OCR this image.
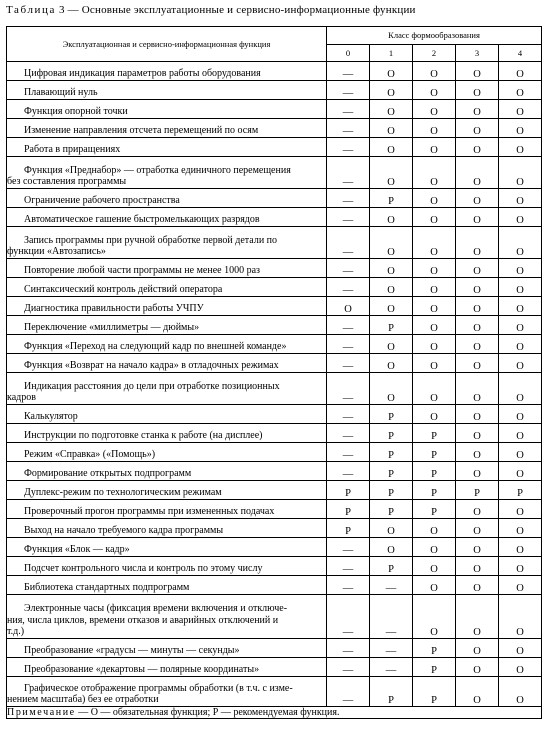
Таблица 3 — Основные эксплуатационные и сервисно-информационные функции
Эксплуатационная и сервисно-информационная функция	Класс формообразования				
	0	1	2	3	4
Цифровая индикация параметров работы оборудования	—	О	О	О	О
Плавающий нуль	—	О	О	О	О
Функция опорной точки	—	О	О	О	О
Изменение направления отсчета перемещений по осям	—	О	О	О	О
Работа в приращениях	—	О	О	О	О
Функция «Преднабор» — отработка единичного перемещения
без составления программы	—	О	О	О	О
Ограничение рабочего пространства	—	Р	О	О	О
Автоматическое гашение быстромелькающих разрядов	—	О	О	О	О
Запись программы при ручной обработке первой детали по
функции «Автозапись»	—	О	О	О	О
Повторение любой части программы не менее 1000 раз	—	О	О	О	О
Синтаксический контроль действий оператора	—	О	О	О	О
Диагностика правильности работы УЧПУ	О	О	О	О	О
Переключение «миллиметры — дюймы»	—	Р	О	О	О
Функция «Переход на следующий кадр по внешней команде»	—	О	О	О	О
Функция «Возврат на начало кадра» в отладочных режимах	—	О	О	О	О
Индикация расстояния до цели при отработке позиционных
кадров	—	О	О	О	О
Калькулятор	—	Р	О	О	О
Инструкции по подготовке станка к работе (на дисплее)	—	Р	Р	О	О
Режим «Справка» («Помощь»)	—	Р	Р	О	О
Формирование открытых подпрограмм	—	Р	Р	О	О
Дуплекс-режим по технологическим режимам	Р	Р	Р	Р	Р
Проверочный прогон программы при измененных подачах	Р	Р	Р	О	О
Выход на начало требуемого кадра программы	Р	О	О	О	О
Функция «Блок — кадр»	—	О	О	О	О
Подсчет контрольного числа и контроль по этому числу	—	Р	О	О	О
Библиотека стандартных подпрограмм	—	—	О	О	О
Электронные часы (фиксация времени включения и отключе-
ния, числа циклов, времени отказов и аварийных отключений и
т.д.)	—	—	О	О	О
Преобразование «градусы — минуты — секунды»	—	—	Р	О	О
Преобразование «декартовы — полярные координаты»	—	—	Р	О	О
Графическое отображение программы обработки (в т.ч. с изме-
нением масштаба) без ее отработки	—	Р	Р	О	О
Примечание — О — обязательная функция; Р — рекомендуемая функция.					
